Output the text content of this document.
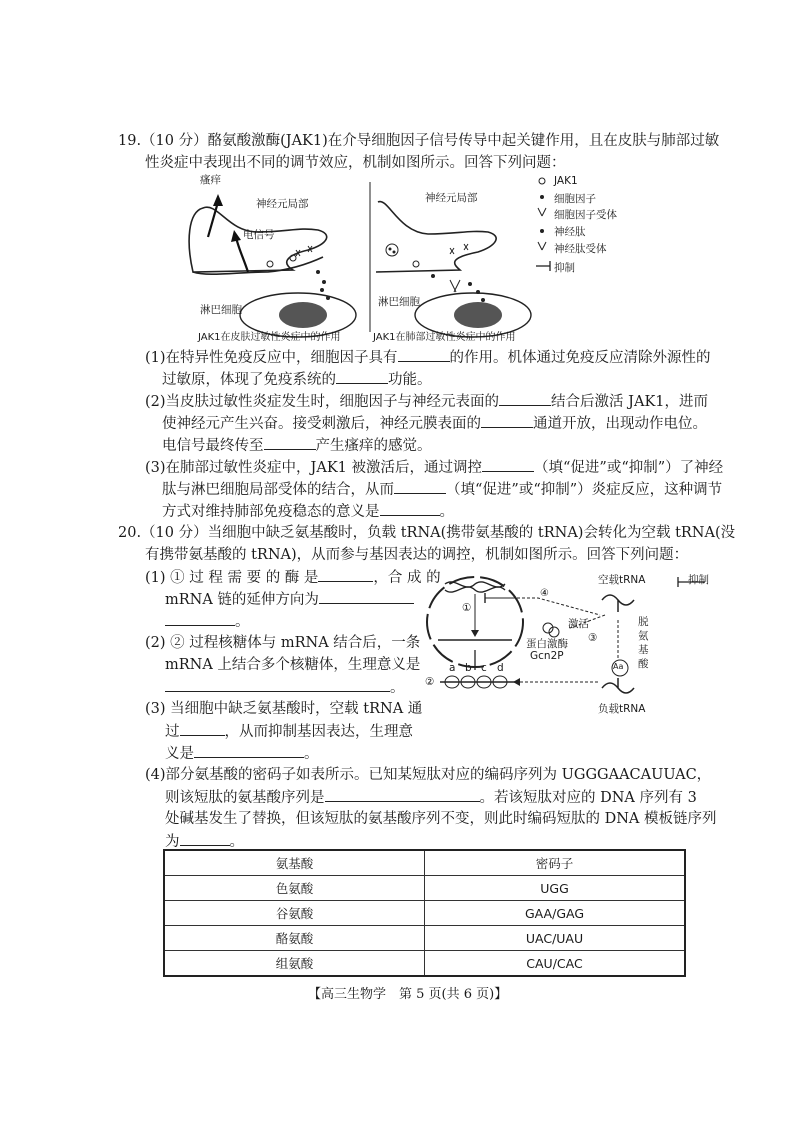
19.（10 分）酪氨酸激酶(JAK1)在介导细胞因子信号传导中起关键作用，且在皮肤与肺部过敏
性炎症中表现出不同的调节效应，机制如图所示。回答下列问题：
瘙痒
神经元局部
电信号
淋巴细胞
神经元局部
淋巴细胞
JAK1在皮肤过敏性炎症中的作用	JAK1在肺部过敏性炎症中的作用
JAK1
细胞因子
细胞因子受体
神经肽
神经肽受体
抑制
(1)在特异性免疫反应中，细胞因子具有	的作用。机体通过免疫反应清除外源性的
过敏原，体现了免疫系统的	功能。
(2)当皮肤过敏性炎症发生时，细胞因子与神经元表面的	结合后激活 JAK1，进而
使神经元产生兴奋。接受刺激后，神经元膜表面的	通道开放，出现动作电位。
电信号最终传至	产生瘙痒的感觉。
(3)在肺部过敏性炎症中，JAK1 被激活后，通过调控	（填“促进”或“抑制”）了神经
肽与淋巴细胞局部受体的结合，从而	（填“促进”或“抑制”）炎症反应，这种调节
方式对维持肺部免疫稳态的意义是	。
20.（10 分）当细胞中缺乏氨基酸时，负载 tRNA(携带氨基酸的 tRNA)会转化为空载 tRNA(没
有携带氨基酸的 tRNA)，从而参与基因表达的调控，机制如图所示。回答下列问题：
(1) ① 过 程 需 要 的 酶 是	，合 成 的
mRNA 链的延伸方向为
。
(2) ② 过程核糖体与 mRNA 结合后，一条
mRNA 上结合多个核糖体，生理意义是
。
(3) 当细胞中缺乏氨基酸时，空载 tRNA 通
过	，从而抑制基因表达，生理意
义是	。
(4)部分氨基酸的密码子如表所示。已知某短肽对应的编码序列为 UGGGAACAUUAC，
则该短肽的氨基酸序列是	。若该短肽对应的 DNA 序列有 3
处碱基发生了替换，但该短肽的氨基酸序列不变，则此时编码短肽的 DNA 模板链序列
为	。
④
空载tRNA	抑制
激活
①
②
③
蛋白激酶
Gcn2P
脱
氨
基
酸
Aa
负载tRNA
a b c d
氨基酸	密码子
色氨酸	UGG
谷氨酸	GAA/GAG
酪氨酸	UAC/UAU
组氨酸	CAU/CAC
【高三生物学　第 5 页(共 6 页)】
